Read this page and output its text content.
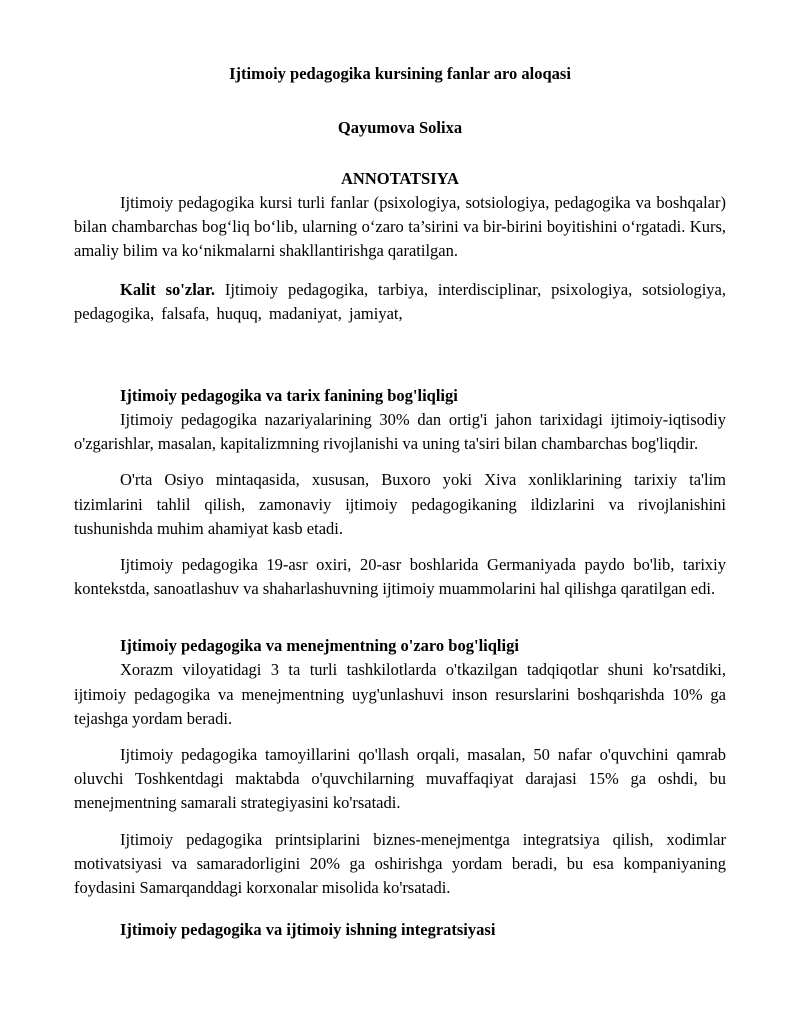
Ijtimoiy pedagogika kursining fanlar aro aloqasi
Qayumova Solixa
ANNOTATSIYA

Ijtimoiy pedagogika kursi turli fanlar (psixologiya, sotsiologiya, pedagogika va boshqalar) bilan chambarchas bog‘liq bo‘lib, ularning o‘zaro ta’sirini va bir-birini boyitishini o‘rgatadi. Kurs, amaliy bilim va ko‘nikmalarni shakllantirishga qaratilgan.

Kalit so'zlar. Ijtimoiy pedagogika, tarbiya, interdisciplinar, psixologiya, sotsiologiya, pedagogika, falsafa, huquq, madaniyat, jamiyat,

Ijtimoiy pedagogika va tarix fanining bog'liqligi

Ijtimoiy pedagogika nazariyalarining 30% dan ortig'i jahon tarixidagi ijtimoiy-iqtisodiy o'zgarishlar, masalan, kapitalizmning rivojlanishi va uning ta'siri bilan chambarchas bog'liqdir.

O'rta Osiyo mintaqasida, xususan, Buxoro yoki Xiva xonliklarining tarixiy ta'lim tizimlarini tahlil qilish, zamonaviy ijtimoiy pedagogikaning ildizlarini va rivojlanishini tushunishda muhim ahamiyat kasb etadi.

Ijtimoiy pedagogika 19-asr oxiri, 20-asr boshlarida Germaniyada paydo bo'lib, tarixiy kontekstda, sanoatlashuv va shaharlashuvning ijtimoiy muammolarini hal qilishga qaratilgan edi.

Ijtimoiy pedagogika va menejmentning o'zaro bog'liqligi

Xorazm viloyatidagi 3 ta turli tashkilotlarda o'tkazilgan tadqiqotlar shuni ko'rsatdiki, ijtimoiy pedagogika va menejmentning uyg'unlashuvi inson resurslarini boshqarishda 10% ga tejashga yordam beradi.

Ijtimoiy pedagogika tamoyillarini qo'llash orqali, masalan, 50 nafar o'quvchini qamrab oluvchi Toshkentdagi maktabda o'quvchilarning muvaffaqiyat darajasi 15% ga oshdi, bu menejmentning samarali strategiyasini ko'rsatadi.

Ijtimoiy pedagogika printsiplarini biznes-menejmentga integratsiya qilish, xodimlar motivatsiyasi va samaradorligini 20% ga oshirishga yordam beradi, bu esa kompaniyaning foydasini Samarqanddagi korxonalar misolida ko'rsatadi.

Ijtimoiy pedagogika va ijtimoiy ishning integratsiyasi
